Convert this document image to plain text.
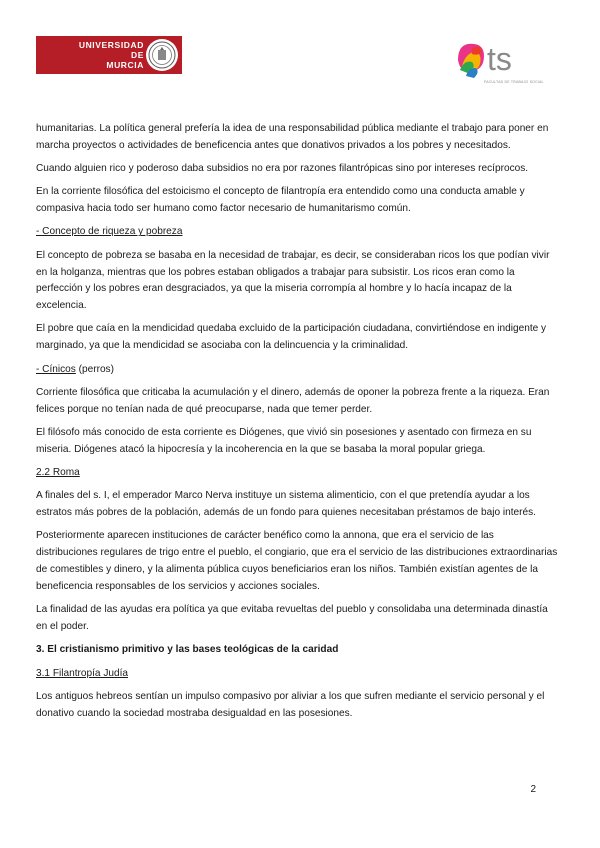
UNIVERSIDAD DE
MURCIA	ts
FACULTAD DE TRABAJO SOCIAL

humanitarias. La política general prefería la idea de una responsabilidad pública mediante el trabajo para poner en marcha proyectos o actividades de beneficencia antes que donativos privados a los pobres y necesitados.

Cuando alguien rico y poderoso daba subsidios no era por razones filantrópicas sino por intereses recíprocos.

En la corriente filosófica del estoicismo el concepto de filantropía era entendido como una conducta amable y compasiva hacia todo ser humano como factor necesario de humanitarismo común.

- Concepto de riqueza y pobreza

El concepto de pobreza se basaba en la necesidad de trabajar, es decir, se consideraban ricos los que podían vivir en la holganza, mientras que los pobres estaban obligados a trabajar para subsistir. Los ricos eran como la perfección y los pobres eran desgraciados, ya que la miseria corrompía al hombre y lo hacía incapaz de la excelencia.

El pobre que caía en la mendicidad quedaba excluido de la participación ciudadana, convirtiéndose en indigente y marginado, ya que la mendicidad se asociaba con la delincuencia y la criminalidad.

- Cínicos (perros)

Corriente filosófica que criticaba la acumulación y el dinero, además de oponer la pobreza frente a la riqueza. Eran felices porque no tenían nada de qué preocuparse, nada que temer perder.

El filósofo más conocido de esta corriente es Diógenes, que vivió sin posesiones y asentado con firmeza en su miseria. Diógenes atacó la hipocresía y la incoherencia en la que se basaba la moral popular griega.

2.2 Roma

A finales del s. I, el emperador Marco Nerva instituye un sistema alimenticio, con el que pretendía ayudar a los estratos más pobres de la población, además de un fondo para quienes necesitaban préstamos de bajo interés.

Posteriormente aparecen instituciones de carácter benéfico como la annona, que era el servicio de las distribuciones regulares de trigo entre el pueblo, el congiario, que era el servicio de las distribuciones extraordinarias de comestibles y dinero, y la alimenta pública cuyos beneficiarios eran los niños. También existían agentes de la beneficencia responsables de los servicios y acciones sociales.

La finalidad de las ayudas era política ya que evitaba revueltas del pueblo y consolidaba una determinada dinastía en el poder.

3. El cristianismo primitivo y las bases teológicas de la caridad

3.1 Filantropía Judía

Los antiguos hebreos sentían un impulso compasivo por aliviar a los que sufren mediante el servicio personal y el donativo cuando la sociedad mostraba desigualdad en las posesiones.

2
